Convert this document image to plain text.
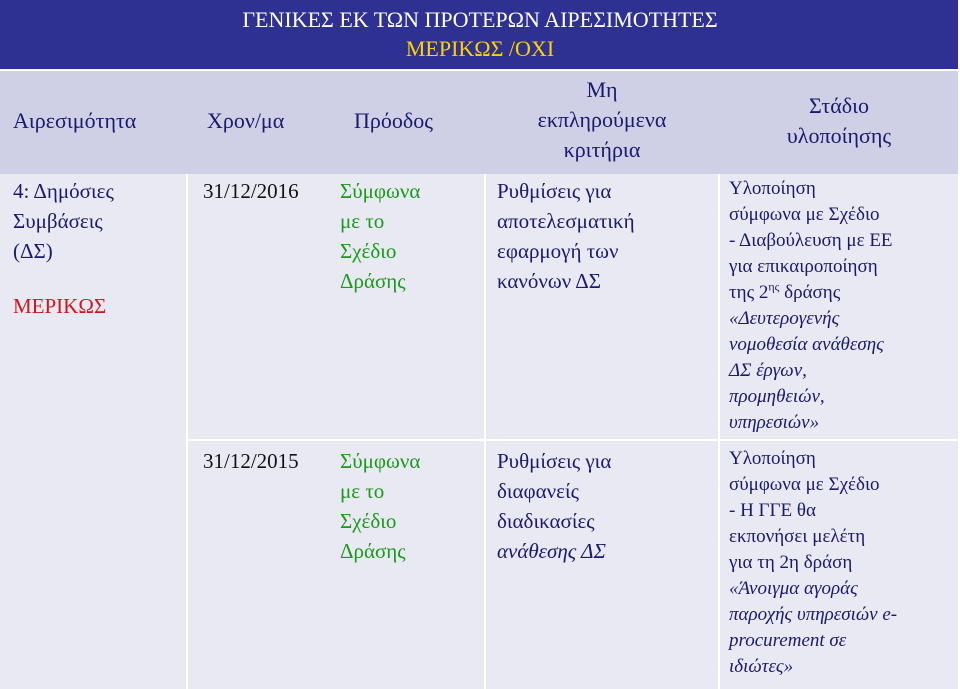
ΓΕΝΙΚΕΣ ΕΚ ΤΩΝ ΠΡΟΤΕΡΩΝ ΑΙΡΕΣΙΜΟΤΗΤΕΣ
ΜΕΡΙΚΩΣ /ΟΧΙ
Αιρεσιμότητα	Χρον/μα	Πρόοδος
Μη
εκπληρούμενα
κριτήρια
Στάδιο
υλοποίησης
4: Δημόσιες
Συμβάσεις
(ΔΣ)
ΜΕΡΙΚΩΣ
31/12/2016 Σύμφωνα
με το
Σχέδιο
Δράσης
Ρυθμίσεις για
αποτελεσματική
εφαρμογή των
κανόνων ΔΣ
Υλοποίηση
σύμφωνα με Σχέδιο
- Διαβούλευση με ΕΕ
για επικαιροποίηση
της $2^{\eta\varsigma}$ δράσης
«Δευτερογενής
νομοθεσία ανάθεσης
ΔΣ έργων,
προμηθειών,
υπηρεσιών»
31/12/2015 Σύμφωνα
με το
Σχέδιο
Δράσης
Ρυθμίσεις για
διαφανείς
διαδικασίες
ανάθεσης ΔΣ
Υλοποίηση
σύμφωνα με Σχέδιο
- Η ΓΓΕ θα
εκπονήσει μελέτη
για τη 2η δράση
«Άνοιγμα αγοράς
παροχής υπηρεσιών e-
procurement σε
ιδιώτες»
